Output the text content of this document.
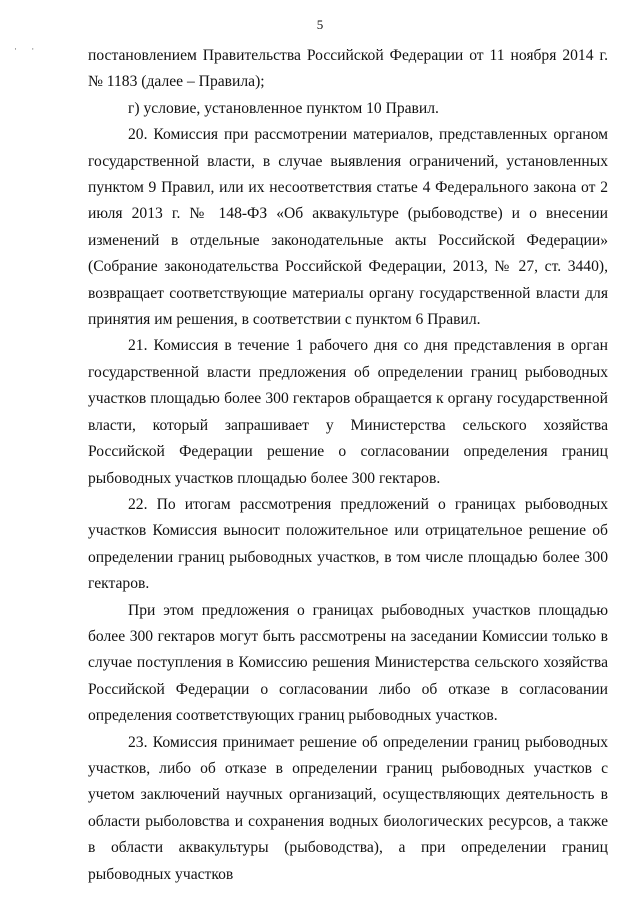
5
· ·	постановлением Правительства Российской Федерации от 11 ноября 2014 г. № 1183 (далее – Правила);

г) условие, установленное пунктом 10 Правил.

20. Комиссия при рассмотрении материалов, представленных органом государственной власти, в случае выявления ограничений, установленных пунктом 9 Правил, или их несоответствия статье 4 Федерального закона от 2 июля 2013 г. № 148-ФЗ «Об аквакультуре (рыбоводстве) и о внесении изменений в отдельные законодательные акты Российской Федерации» (Собрание законодательства Российской Федерации, 2013, № 27, ст. 3440), возвращает соответствующие материалы органу государственной власти для принятия им решения, в соответствии с пунктом 6 Правил.

21. Комиссия в течение 1 рабочего дня со дня представления в орган государственной власти предложения об определении границ рыбоводных участков площадью более 300 гектаров обращается к органу государственной власти, который запрашивает у Министерства сельского хозяйства Российской Федерации решение о согласовании определения границ рыбоводных участков площадью более 300 гектаров.

22. По итогам рассмотрения предложений о границах рыбоводных участков Комиссия выносит положительное или отрицательное решение об определении границ рыбоводных участков, в том числе площадью более 300 гектаров.

При этом предложения о границах рыбоводных участков площадью более 300 гектаров могут быть рассмотрены на заседании Комиссии только в случае поступления в Комиссию решения Министерства сельского хозяйства Российской Федерации о согласовании либо об отказе в согласовании определения соответствующих границ рыбоводных участков.

23. Комиссия принимает решение об определении границ рыбоводных участков, либо об отказе в определении границ рыбоводных участков с учетом заключений научных организаций, осуществляющих деятельность в области рыболовства и сохранения водных биологических ресурсов, а также в области аквакультуры (рыбоводства), а при определении границ рыбоводных участков
